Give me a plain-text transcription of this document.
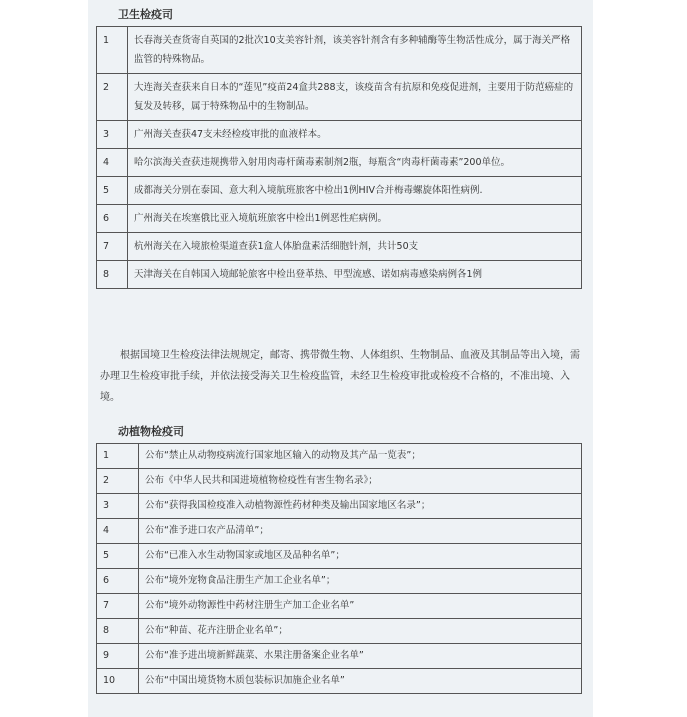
卫生检疫司
1	长春海关查货寄自英国的2批次10支美容针剂，该美容针剂含有多种辅酶等生物活性成分，属于海关严格监管的特殊物品。
2	大连海关查获来自日本的“莲见”疫苗24盒共288支，该疫苗含有抗原和免疫促进剂，主要用于防范癌症的复发及转移，属于特殊物品中的生物制品。
3	广州海关查获47支未经检疫审批的血液样本。
4	哈尔滨海关查获违规携带入射用肉毒杆菌毒素制剂2瓶，每瓶含“肉毒杆菌毒素”200单位。
5	成都海关分别在泰国、意大利入境航班旅客中检出1例HIV合并梅毒螺旋体阳性病例.
6	广州海关在埃塞俄比亚入境航班旅客中检出1例恶性疟病例。
7	杭州海关在入境旅检渠道查获1盒人体胎盘素活细胞针剂，共计50支
8	天津海关在自韩国入境邮轮旅客中检出登革热、甲型流感、诺如病毒感染病例各1例

根据国境卫生检疫法律法规规定，邮寄、携带微生物、人体组织、生物制品、血液及其制品等出入境，需办理卫生检疫审批手续，并依法接受海关卫生检疫监管，未经卫生检疫审批或检疫不合格的，不准出境、入境。

动植物检疫司
1	公布“禁止从动物疫病流行国家地区输入的动物及其产品一览表”；
2	公布《中华人民共和国进境植物检疫性有害生物名录》；
3	公布“获得我国检疫准入动植物源性药材种类及输出国家地区名录”；
4	公布“准予进口农产品清单”；
5	公布“已准入水生动物国家或地区及品种名单”；
6	公布“境外宠物食品注册生产加工企业名单”；
7	公布“境外动物源性中药材注册生产加工企业名单”
8	公布“种苗、花卉注册企业名单”；
9	公布“准予进出境新鲜蔬菜、水果注册备案企业名单”
10	公布“中国出境货物木质包装标识加施企业名单”
